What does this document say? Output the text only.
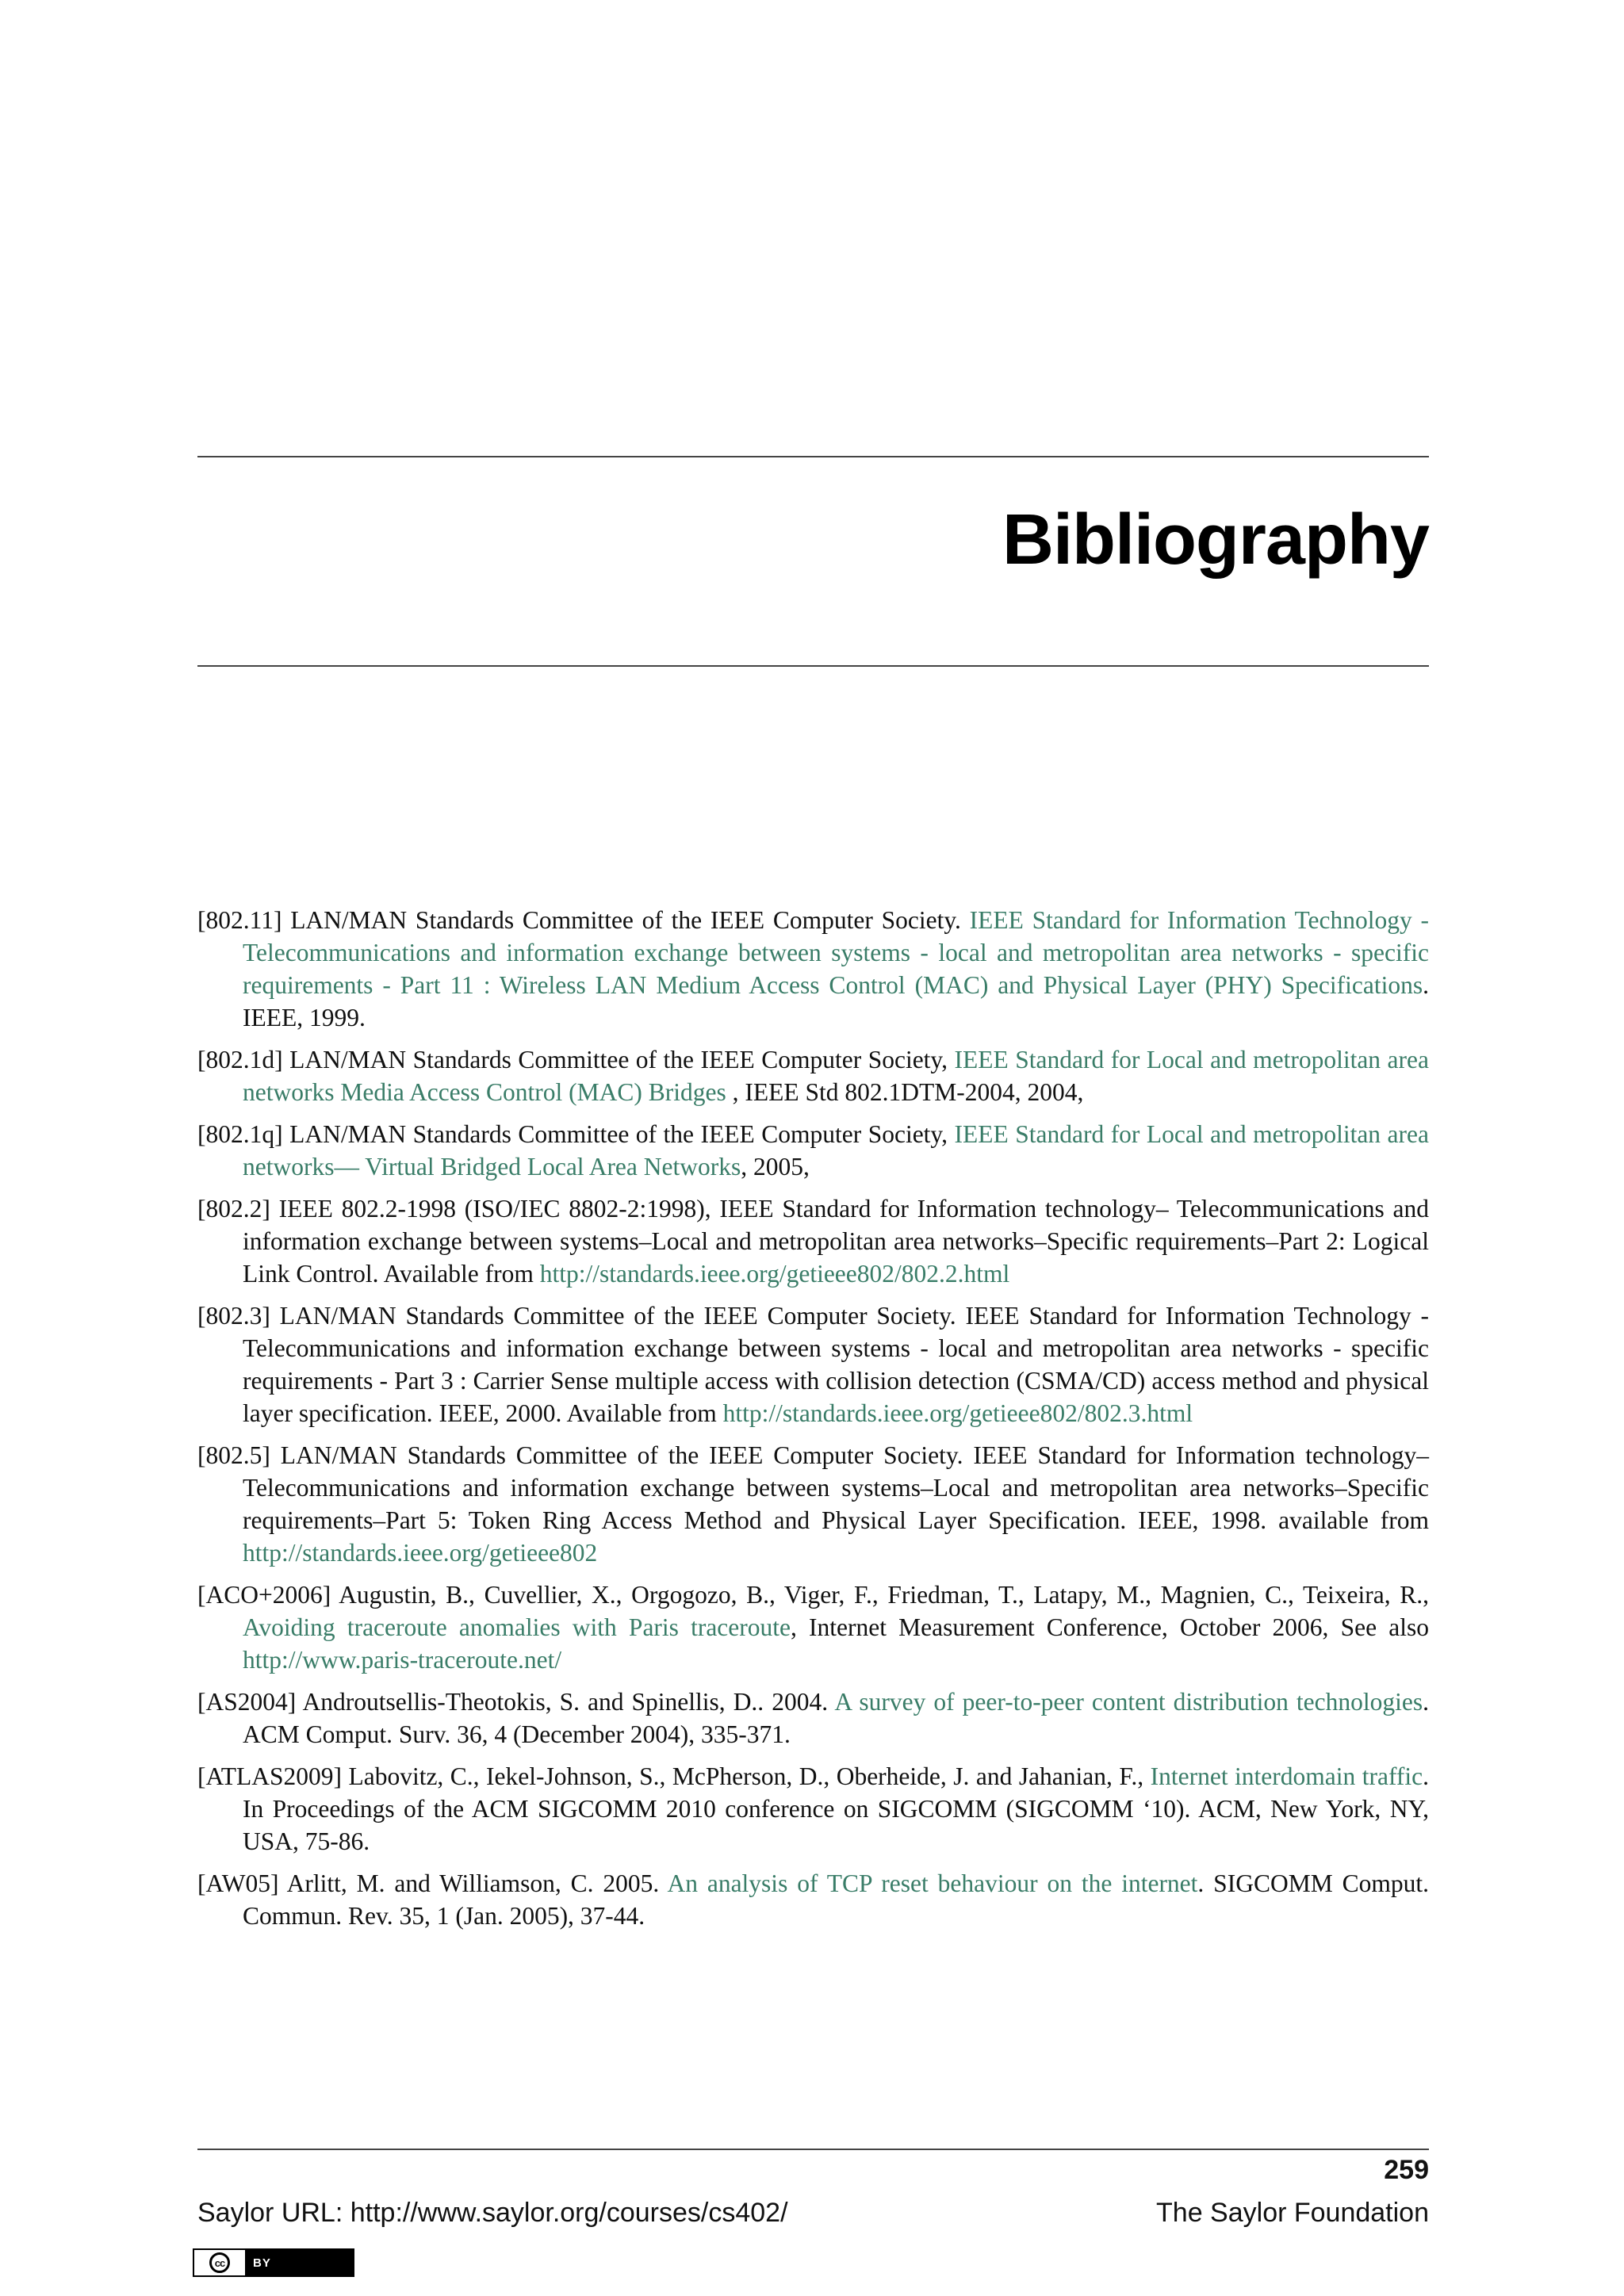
Bibliography

[802.11] LAN/MAN Standards Committee of the IEEE Computer Society. IEEE Standard for Information Technology - Telecommunications and information exchange between systems - local and metropolitan area networks - specific requirements - Part 11 : Wireless LAN Medium Access Control (MAC) and Physical Layer (PHY) Specifications. IEEE, 1999.

[802.1d] LAN/MAN Standards Committee of the IEEE Computer Society, IEEE Standard for Local and metropolitan area networks Media Access Control (MAC) Bridges , IEEE Std 802.1DTM-2004, 2004,

[802.1q] LAN/MAN Standards Committee of the IEEE Computer Society, IEEE Standard for Local and metropolitan area networks— Virtual Bridged Local Area Networks, 2005,

[802.2] IEEE 802.2-1998 (ISO/IEC 8802-2:1998), IEEE Standard for Information technology– Telecommunications and information exchange between systems–Local and metropolitan area networks–Specific requirements–Part 2: Logical Link Control. Available from http://standards.ieee.org/getieee802/802.2.html

[802.3] LAN/MAN Standards Committee of the IEEE Computer Society. IEEE Standard for Information Technology - Telecommunications and information exchange between systems - local and metropolitan area networks - specific requirements - Part 3 : Carrier Sense multiple access with collision detection (CSMA/CD) access method and physical layer specification. IEEE, 2000. Available from http://standards.ieee.org/getieee802/802.3.html

[802.5] LAN/MAN Standards Committee of the IEEE Computer Society. IEEE Standard for Information technology–Telecommunications and information exchange between systems–Local and metropolitan area networks–Specific requirements–Part 5: Token Ring Access Method and Physical Layer Specification. IEEE, 1998. available from http://standards.ieee.org/getieee802

[ACO+2006] Augustin, B., Cuvellier, X., Orgogozo, B., Viger, F., Friedman, T., Latapy, M., Magnien, C., Teixeira, R., Avoiding traceroute anomalies with Paris traceroute, Internet Measurement Conference, October 2006, See also http://www.paris-traceroute.net/

[AS2004] Androutsellis-Theotokis, S. and Spinellis, D.. 2004. A survey of peer-to-peer content distribution technologies. ACM Comput. Surv. 36, 4 (December 2004), 335-371.

[ATLAS2009] Labovitz, C., Iekel-Johnson, S., McPherson, D., Oberheide, J. and Jahanian, F., Internet interdomain traffic. In Proceedings of the ACM SIGCOMM 2010 conference on SIGCOMM (SIGCOMM ‘10). ACM, New York, NY, USA, 75-86.

[AW05] Arlitt, M. and Williamson, C. 2005. An analysis of TCP reset behaviour on the internet. SIGCOMM Comput. Commun. Rev. 35, 1 (Jan. 2005), 37-44.

259
Saylor URL: http://www.saylor.org/courses/cs402/	The Saylor Foundation
cc	BY
